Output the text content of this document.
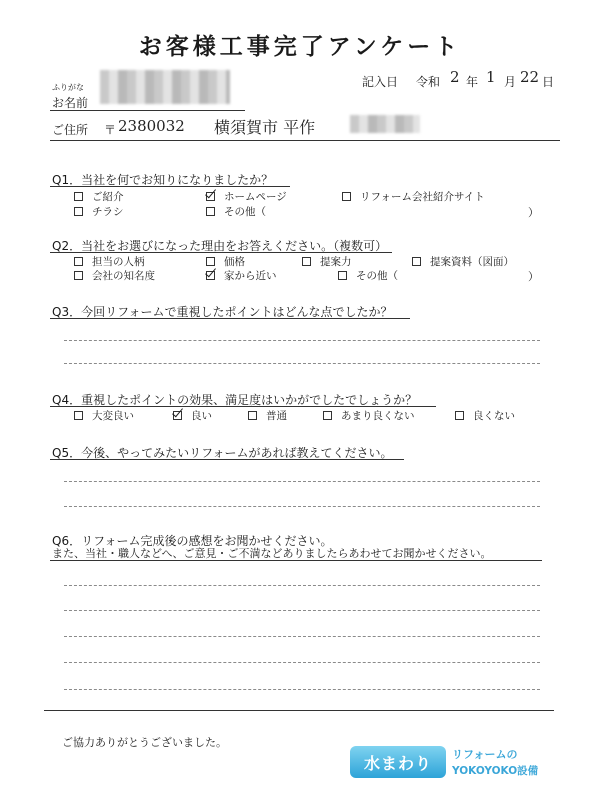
お客様工事完了アンケート
記入日 令和 2 年 1 月 22 日
ふりがな
お名前
ご住所 〒 2380032 横須賀市 平作
Q1．当社を何でお知りになりましたか？
ご紹介	ホームページ	リフォーム会社紹介サイト
チラシ	その他（	）
Q2．当社をお選びになった理由をお答えください。（複数可）
担当の人柄	価格	提案力	提案資料（図面）
会社の知名度	家から近い	その他（	）
Q3．今回リフォームで重視したポイントはどんな点でしたか？
Q4．重視したポイントの効果、満足度はいかがでしたでしょうか？
大変良い	良い	普通	あまり良くない	良くない
Q5．今後、やってみたいリフォームがあれば教えてください。
Q6．リフォーム完成後の感想をお聞かせください。
また、当社・職人などへ、ご意見・ご不満などありましたらあわせてお聞かせください。
ご協力ありがとうございました。
水まわり リフォームの
YOKOYOKO設備
